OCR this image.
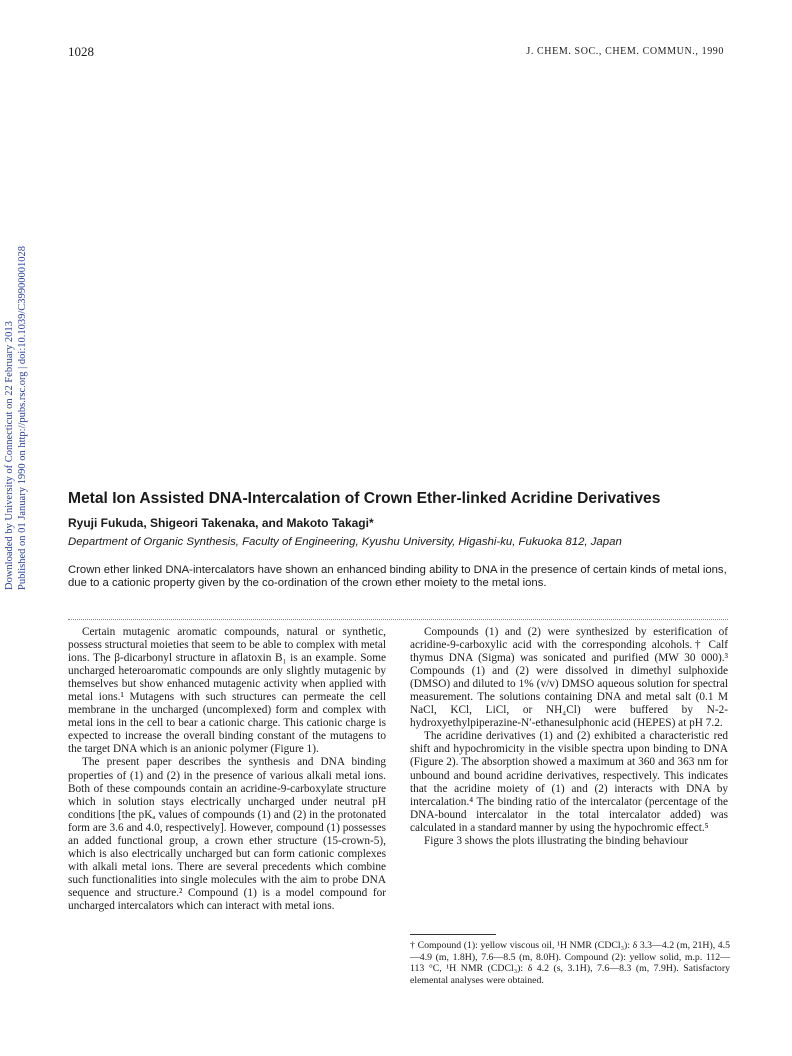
1028	J. CHEM. SOC., CHEM. COMMUN., 1990
Downloaded by University of Connecticut on 22 February 2013 Published on 01 January 1990 on http://pubs.rsc.org | doi:10.1039/C39900001028	Metal Ion Assisted DNA-Intercalation of Crown Ether-linked Acridine Derivatives
Ryuji Fukuda, Shigeori Takenaka, and Makoto Takagi*
Department of Organic Synthesis, Faculty of Engineering, Kyushu University, Higashi-ku, Fukuoka 812, Japan
Crown ether linked DNA-intercalators have shown an enhanced binding ability to DNA in the presence of certain kinds of metal ions, due to a cationic property given by the co-ordination of the crown ether moiety to the metal ions.

Certain mutagenic aromatic compounds, natural or synthetic, possess structural moieties that seem to be able to complex with metal ions. The β-dicarbonyl structure in aflatoxin B₁ is an example. Some uncharged heteroaromatic compounds are only slightly mutagenic by themselves but show enhanced mutagenic activity when applied with metal ions.¹ Mutagens with such structures can permeate the cell membrane in the uncharged (uncomplexed) form and complex with metal ions in the cell to bear a cationic charge. This cationic charge is expected to increase the overall binding constant of the mutagens to the target DNA which is an anionic polymer (Figure 1).

The present paper describes the synthesis and DNA binding properties of (1) and (2) in the presence of various alkali metal ions. Both of these compounds contain an acridine-9-carboxylate structure which in solution stays electrically uncharged under neutral pH conditions [the pKₐ values of compounds (1) and (2) in the protonated form are 3.6 and 4.0, respectively]. However, compound (1) possesses an added functional group, a crown ether structure (15-crown-5), which is also electrically uncharged but can form cationic complexes with alkali metal ions. There are several precedents which combine such functionalities into single molecules with the aim to probe DNA sequence and structure.² Compound (1) is a model compound for uncharged intercalators which can interact with metal ions.

Compounds (1) and (2) were synthesized by esterification of acridine-9-carboxylic acid with the corresponding alcohols.† Calf thymus DNA (Sigma) was sonicated and purified (MW 30 000).³ Compounds (1) and (2) were dissolved in dimethyl sulphoxide (DMSO) and diluted to 1% (v/v) DMSO aqueous solution for spectral measurement. The solutions containing DNA and metal salt (0.1 M NaCl, KCl, LiCl, or NH₄Cl) were buffered by N-2-hydroxyethylpiperazine-N′-ethanesulphonic acid (HEPES) at pH 7.2.

The acridine derivatives (1) and (2) exhibited a characteristic red shift and hypochromicity in the visible spectra upon binding to DNA (Figure 2). The absorption showed a maximum at 360 and 363 nm for unbound and bound acridine derivatives, respectively. This indicates that the acridine moiety of (1) and (2) interacts with DNA by intercalation.⁴ The binding ratio of the intercalator (percentage of the DNA-bound intercalator in the total intercalator added) was calculated in a standard manner by using the hypochromic effect.⁵

Figure 3 shows the plots illustrating the binding behaviour

† Compound (1): yellow viscous oil, ¹H NMR (CDCl₃): δ 3.3—4.2 (m, 21H), 4.5—4.9 (m, 1.8H), 7.6—8.5 (m, 8.0H). Compound (2): yellow solid, m.p. 112—113 °C, ¹H NMR (CDCl₃): δ 4.2 (s, 3.1H), 7.6—8.3 (m, 7.9H). Satisfactory elemental analyses were obtained.
